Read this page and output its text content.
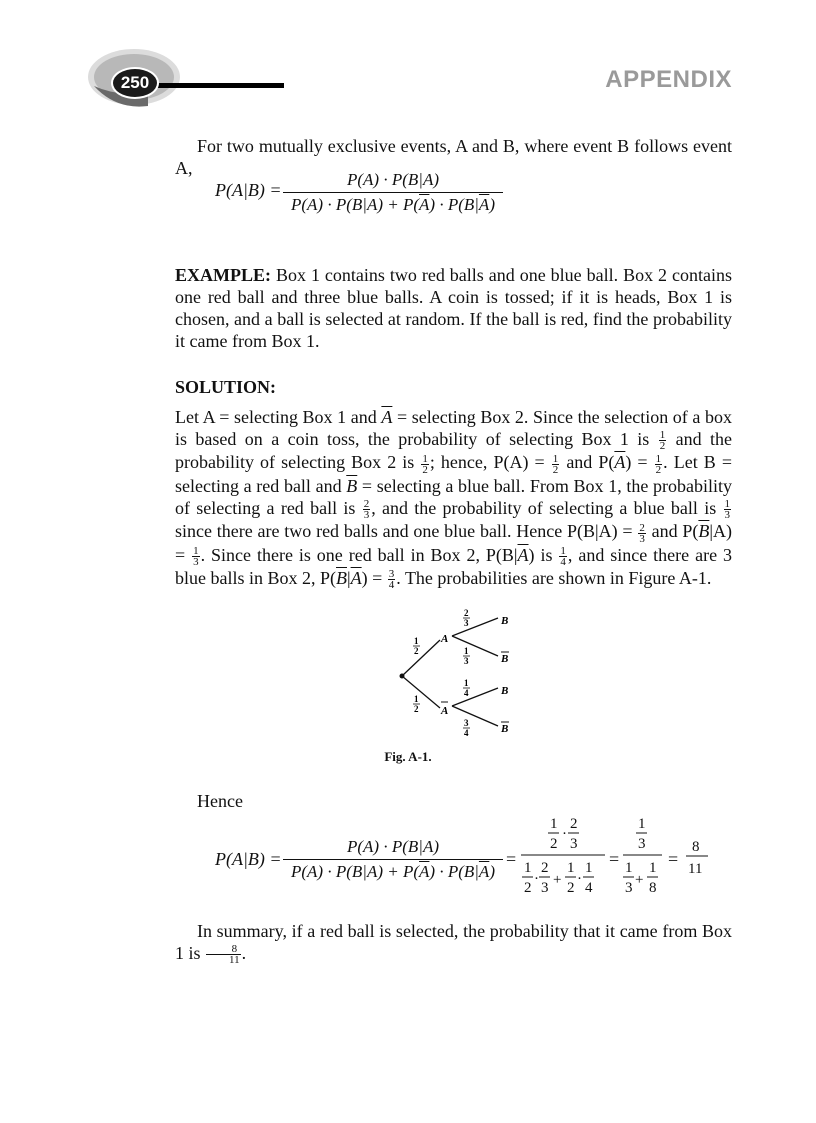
250	APPENDIX
For two mutually exclusive events, A and B, where event B follows event A,
P(A|B) =
P(A) · P(B|A)
$P(A) \cdot P(B|A) + P(\overline{A}) \cdot P(B|\overline{A})$
EXAMPLE: Box 1 contains two red balls and one blue ball. Box 2 contains one red ball and three blue balls. A coin is tossed; if it is heads, Box 1 is chosen, and a ball is selected at random. If the ball is red, find the probability it came from Box 1.
SOLUTION:
Let A = selecting Box 1 and $\overline{A}$ = selecting Box 2. Since the selection of a box is based on a coin toss, the probability of selecting Box 1 is $\frac{1}{2}$ and the probability of selecting Box 2 is $\frac{1}{2}$ ; hence, $P(A) = \frac{1}{2}$ and $P(\overline{A}) = \frac{1}{2}$ . Let B = selecting a red ball and $\overline{B}$ = selecting a blue ball. From Box 1, the probability of selecting a red ball is $\frac{2}{3}$ , and the probability of selecting a blue ball is $\frac{1}{3}$
since there are two red balls and one blue ball. Hence $P(B|A) = \frac{2}{3}$ and $P(\overline{B}|A) = \frac{1}{3}$ . Since there is one red ball in Box 2, $P(B|\overline{A})$ is $\frac{1}{4}$ , and since there are 3 blue balls in Box 2, $P(\overline{B}|\overline{A}) = \frac{3}{4}$ . The probabilities are shown in Figure A-1.
A
A
B
B
B
B
1
2
1
2
2
3
1
3
1
4
3
4
Fig. A-1.
Hence
P(A|B) =
P(A) · P(B|A)
$P(A) \cdot P(B|A) + P(\overline{A}) \cdot P(B|\overline{A})$
=
1
2
·
2
3
1
2
·
2
3 +
1
2
·
1
4
=
1
3
1
3 +
1
8
=
8
11
In summary, if a red ball is selected, the probability that it came from Box 1 is $\frac{8}{11}$ .
